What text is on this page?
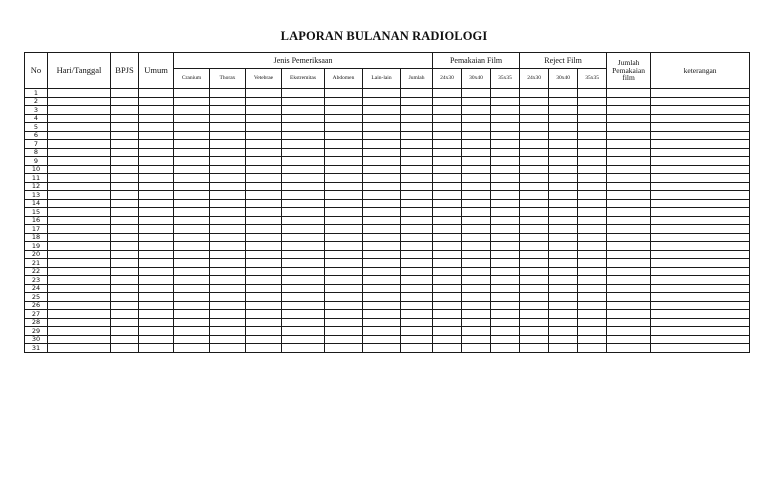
LAPORAN BULANAN RADIOLOGI
No	Hari/Tanggal	BPJS	Umum	Jenis Pemeriksaan							Pemakaian Film			Reject Film			Jumlah Pemakaian film	keterangan
				Cranium	Thorax	Vetebrae	Ekstremitas	Abdomen	Lain-lain	Jumlah	24x30	30x40	35x35	24x30	30x40	35x35		
1																		
2																		
3																		
4																		
5																		
6																		
7																		
8																		
9																		
10																		
11																		
12																		
13																		
14																		
15																		
16																		
17																		
18																		
19																		
20																		
21																		
22																		
23																		
24																		
25																		
26																		
27																		
28																		
29																		
30																		
31																		
